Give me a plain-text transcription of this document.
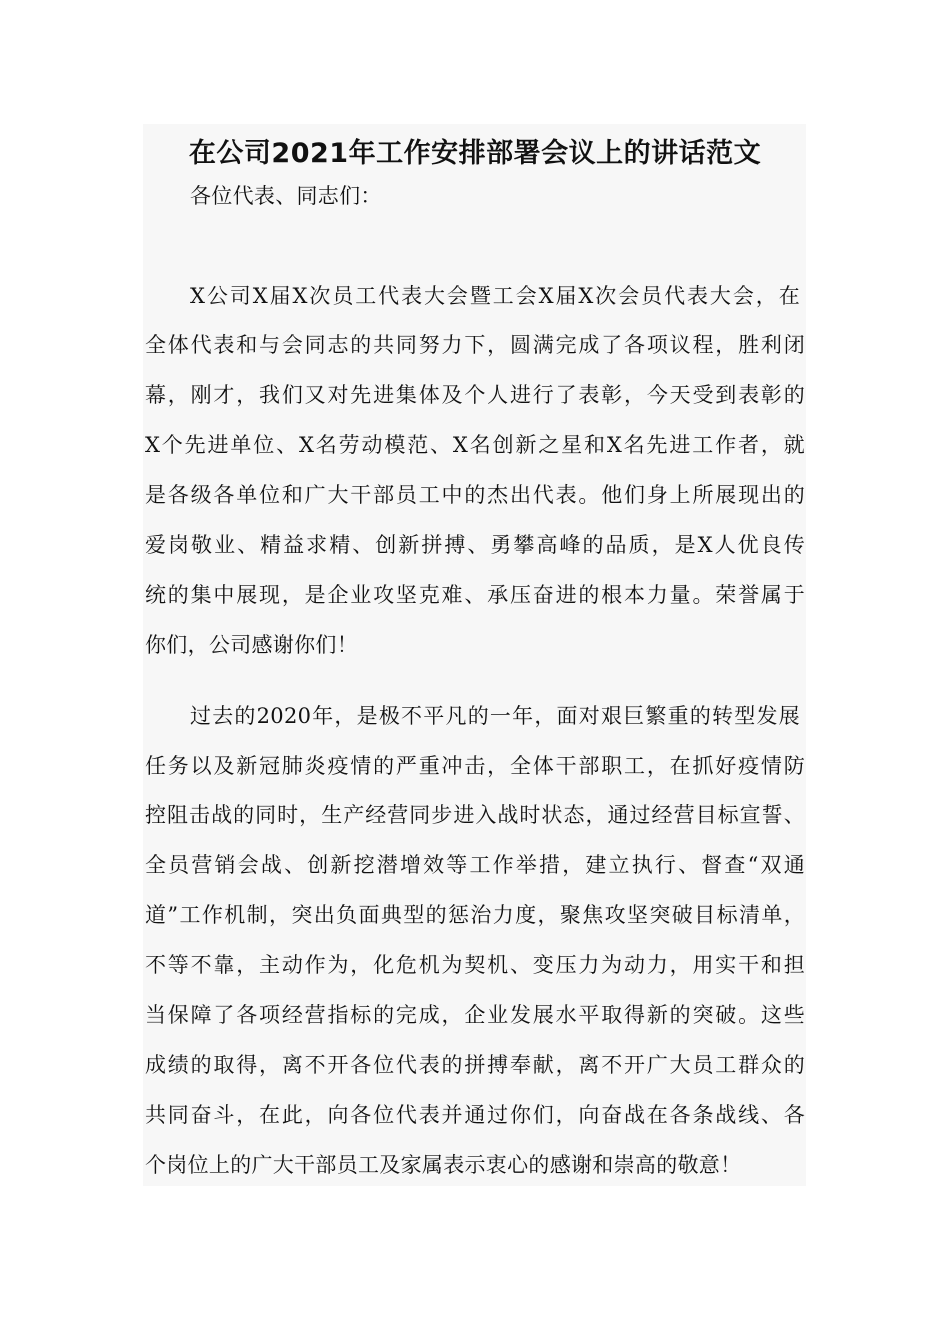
在公司2021年工作安排部署会议上的讲话范文

各位代表、同志们：

X公司X届X次员工代表大会暨工会X届X次会员代表大会，在

全体代表和与会同志的共同努力下，圆满完成了各项议程，胜利闭

幕，刚才，我们又对先进集体及个人进行了表彰，今天受到表彰的

X个先进单位、X名劳动模范、X名创新之星和X名先进工作者，就

是各级各单位和广大干部员工中的杰出代表。他们身上所展现出的

爱岗敬业、精益求精、创新拼搏、勇攀高峰的品质，是X人优良传

统的集中展现，是企业攻坚克难、承压奋进的根本力量。荣誉属于

你们，公司感谢你们！

过去的2020年，是极不平凡的一年，面对艰巨繁重的转型发展

任务以及新冠肺炎疫情的严重冲击，全体干部职工，在抓好疫情防

控阻击战的同时，生产经营同步进入战时状态，通过经营目标宣誓、

全员营销会战、创新挖潜增效等工作举措，建立执行、督查“双通

道”工作机制，突出负面典型的惩治力度，聚焦攻坚突破目标清单，

不等不靠，主动作为，化危机为契机、变压力为动力，用实干和担

当保障了各项经营指标的完成，企业发展水平取得新的突破。这些

成绩的取得，离不开各位代表的拼搏奉献，离不开广大员工群众的

共同奋斗，在此，向各位代表并通过你们，向奋战在各条战线、各

个岗位上的广大干部员工及家属表示衷心的感谢和崇高的敬意！
